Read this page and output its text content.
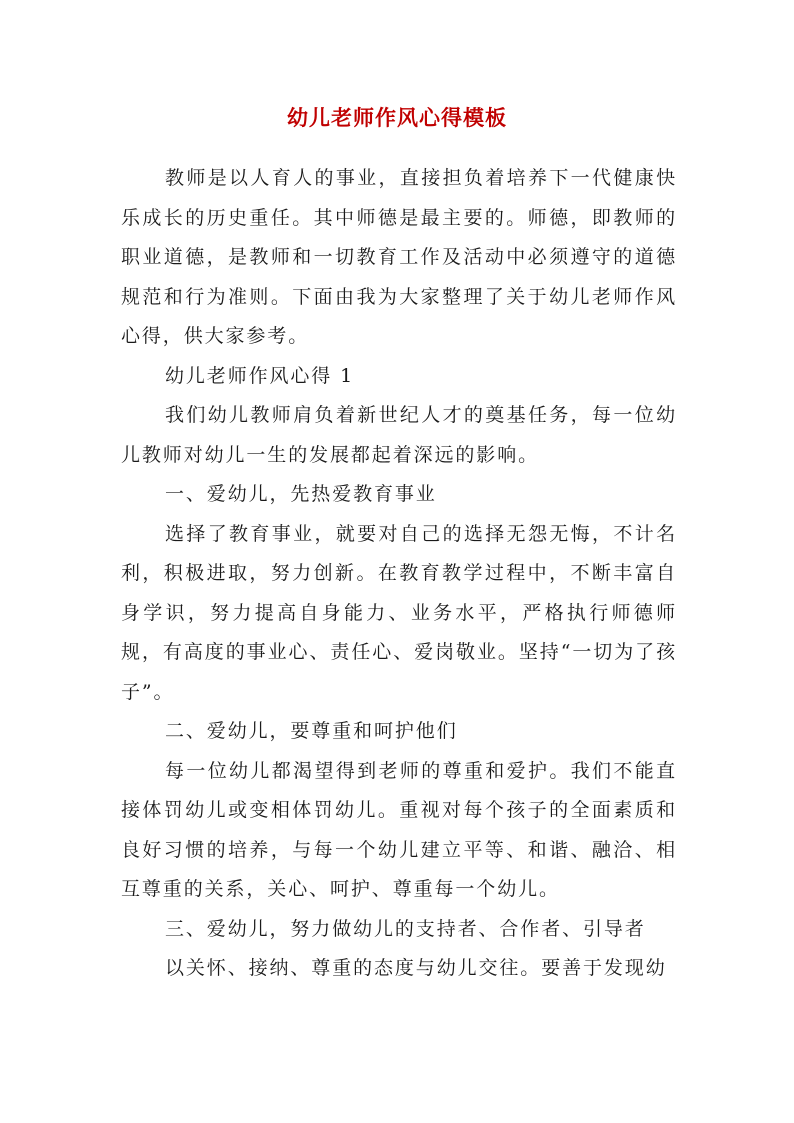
幼儿老师作风心得模板

教师是以人育人的事业，直接担负着培养下一代健康快乐成长的历史重任。其中师德是最主要的。师德，即教师的职业道德，是教师和一切教育工作及活动中必须遵守的道德规范和行为准则。下面由我为大家整理了关于幼儿老师作风心得，供大家参考。

幼儿老师作风心得 1

我们幼儿教师肩负着新世纪人才的奠基任务，每一位幼儿教师对幼儿一生的发展都起着深远的影响。

一、爱幼儿，先热爱教育事业

选择了教育事业，就要对自己的选择无怨无悔，不计名利，积极进取，努力创新。在教育教学过程中，不断丰富自身学识，努力提高自身能力、业务水平，严格执行师德师规，有高度的事业心、责任心、爱岗敬业。坚持“一切为了孩子”。

二、爱幼儿，要尊重和呵护他们

每一位幼儿都渴望得到老师的尊重和爱护。我们不能直接体罚幼儿或变相体罚幼儿。重视对每个孩子的全面素质和良好习惯的培养，与每一个幼儿建立平等、和谐、融洽、相互尊重的关系，关心、呵护、尊重每一个幼儿。

三、爱幼儿，努力做幼儿的支持者、合作者、引导者

以关怀、接纳、尊重的态度与幼儿交往。要善于发现幼
